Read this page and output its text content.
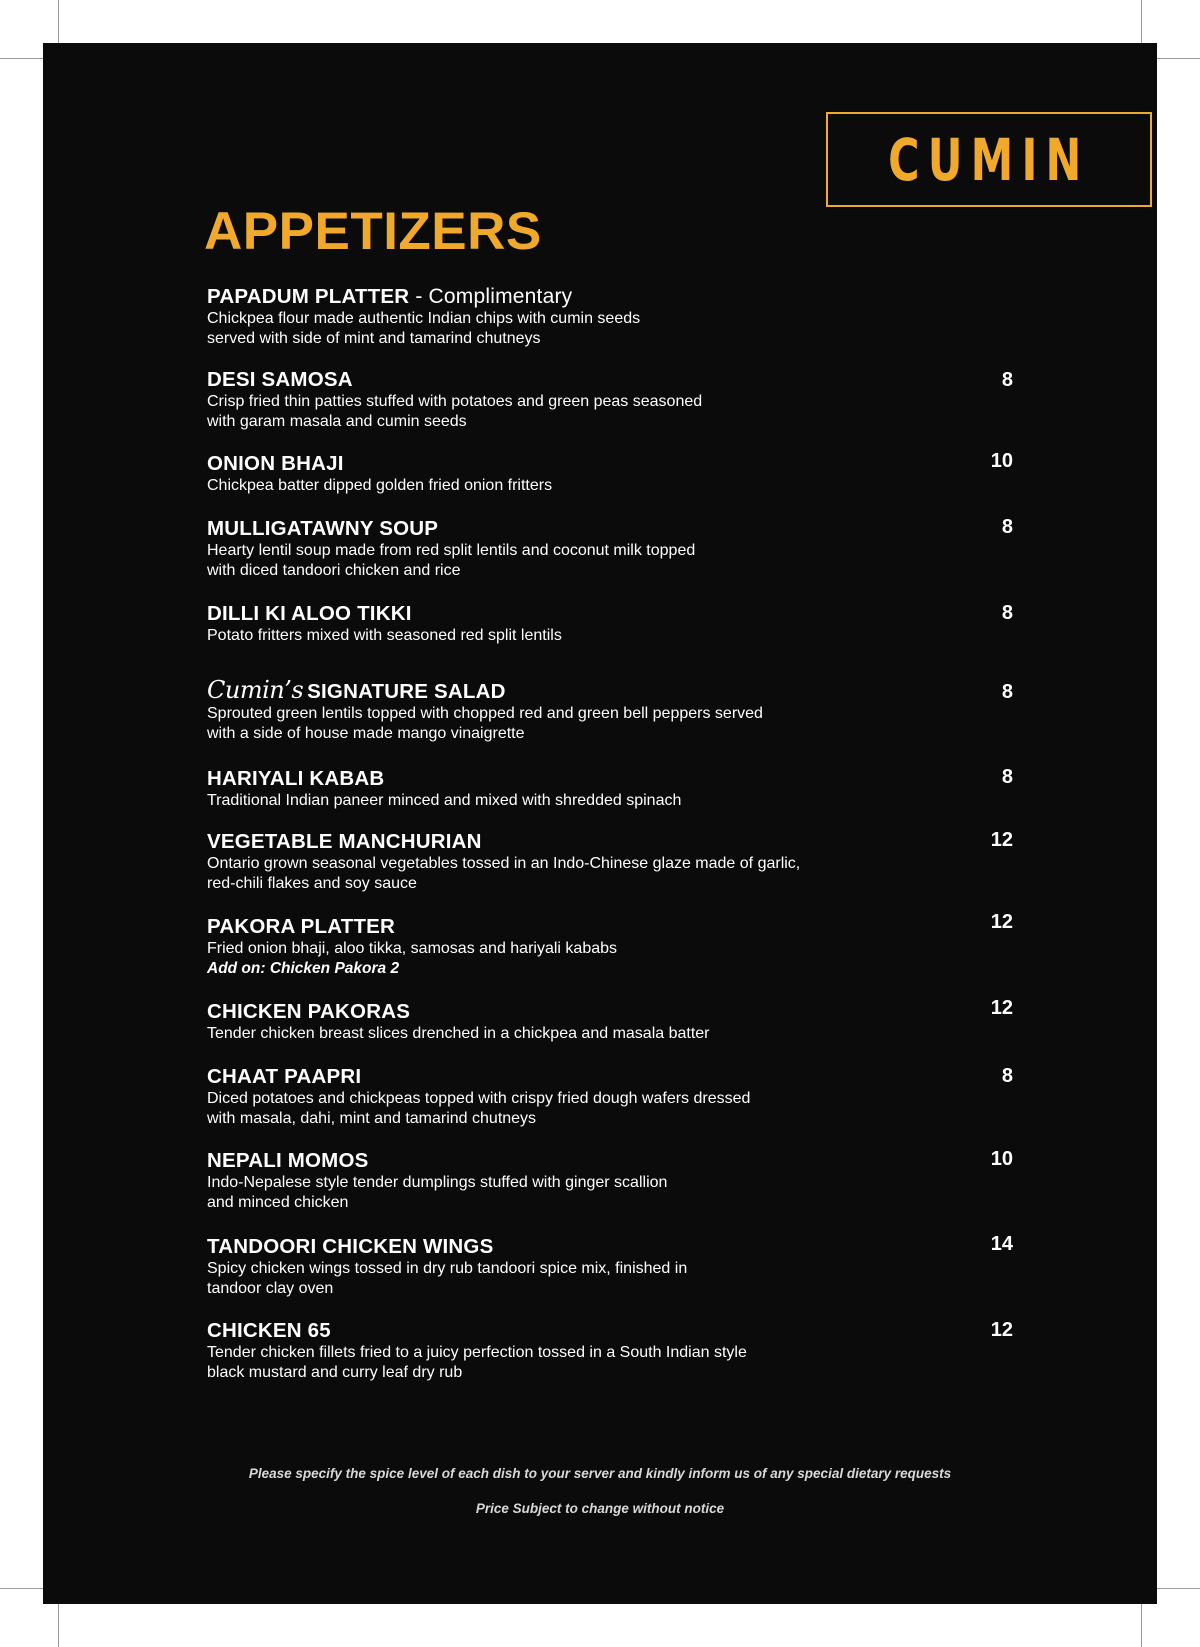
CUMIN
APPETIZERS
PAPADUM PLATTER - Complimentary
Chickpea flour made authentic Indian chips with cumin seeds
served with side of mint and tamarind chutneys
DESI SAMOSA
Crisp fried thin patties stuffed with potatoes and green peas seasoned
with garam masala and cumin seeds
8
ONION BHAJI
Chickpea batter dipped golden fried onion fritters
10
MULLIGATAWNY SOUP
Hearty lentil soup made from red split lentils and coconut milk topped
with diced tandoori chicken and rice
8
DILLI KI ALOO TIKKI
Potato fritters mixed with seasoned red split lentils
8
Cumin’s SIGNATURE SALAD
Sprouted green lentils topped with chopped red and green bell peppers served
with a side of house made mango vinaigrette
8
HARIYALI KABAB
Traditional Indian paneer minced and mixed with shredded spinach
8
VEGETABLE MANCHURIAN
Ontario grown seasonal vegetables tossed in an Indo-Chinese glaze made of garlic,
red-chili flakes and soy sauce
12
PAKORA PLATTER
Fried onion bhaji, aloo tikka, samosas and hariyali kababs
Add on: Chicken Pakora 2
12
CHICKEN PAKORAS
Tender chicken breast slices drenched in a chickpea and masala batter
12
CHAAT PAAPRI
Diced potatoes and chickpeas topped with crispy fried dough wafers dressed
with masala, dahi, mint and tamarind chutneys
8
NEPALI MOMOS
Indo-Nepalese style tender dumplings stuffed with ginger scallion
and minced chicken
10
TANDOORI CHICKEN WINGS
Spicy chicken wings tossed in dry rub tandoori spice mix, finished in
tandoor clay oven
14
CHICKEN 65
Tender chicken fillets fried to a juicy perfection tossed in a South Indian style
black mustard and curry leaf dry rub
12
Please specify the spice level of each dish to your server and kindly inform us of any special dietary requests
Price Subject to change without notice
